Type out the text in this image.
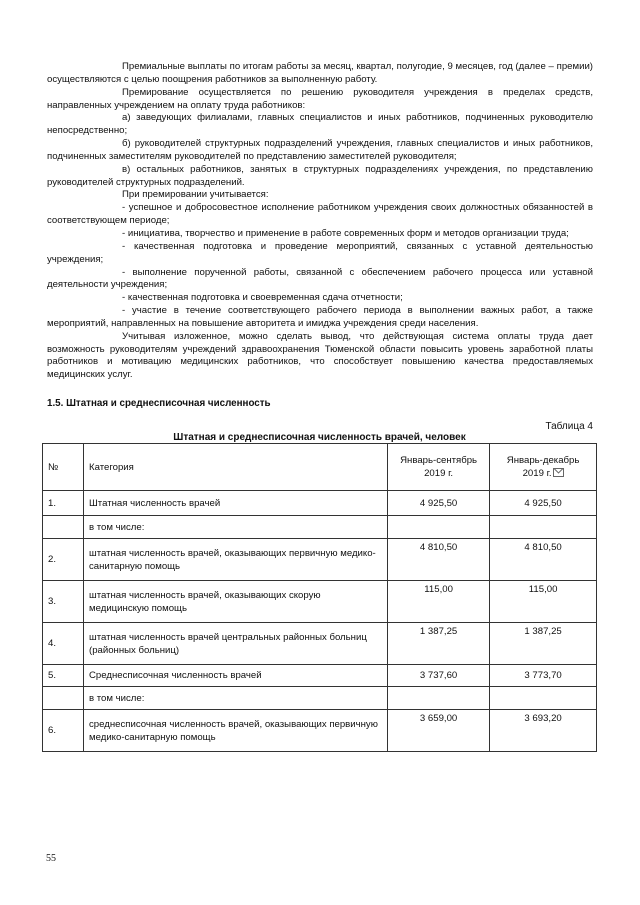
Премиальные выплаты по итогам работы за месяц, квартал, полугодие, 9 месяцев, год (далее – премии) осуществляются с целью поощрения работников за выполненную работу.

Премирование осуществляется по решению руководителя учреждения в пределах средств, направленных учреждением на оплату труда работников:

а) заведующих филиалами, главных специалистов и иных работников, подчиненных руководителю непосредственно;

б) руководителей структурных подразделений учреждения, главных специалистов и иных работников, подчиненных заместителям руководителей по представлению заместителей руководителя;

в) остальных работников, занятых в структурных подразделениях учреждения, по представлению руководителей структурных подразделений.

При премировании учитывается:

- успешное и добросовестное исполнение работником учреждения своих должностных обязанностей в соответствующем периоде;

- инициатива, творчество и применение в работе современных форм и методов организации труда;

- качественная подготовка и проведение мероприятий, связанных с уставной деятельностью учреждения;

- выполнение порученной работы, связанной с обеспечением рабочего процесса или уставной деятельности учреждения;

- качественная подготовка и своевременная сдача отчетности;

- участие в течение соответствующего рабочего периода в выполнении важных работ, а также мероприятий, направленных на повышение авторитета и имиджа учреждения среди населения.

Учитывая изложенное, можно сделать вывод, что действующая система оплаты труда дает возможность руководителям учреждений здравоохранения Тюменской области повысить уровень заработной платы работников и мотивацию медицинских работников, что способствует повышению качества предоставляемых медицинских услуг.

1.5. Штатная и среднесписочная численность
Таблица 4
Штатная и среднесписочная численность врачей, человек
№	Категория	Январь-сентябрь 2019 г.	Январь-декабрь 2019 г.
1.	Штатная численность врачей	4 925,50	4 925,50
	в том числе:		
2.	штатная численность врачей, оказывающих первичную медико-санитарную помощь	4 810,50	4 810,50
3.	штатная численность врачей, оказывающих скорую медицинскую помощь	115,00	115,00
4.	штатная численность врачей центральных районных больниц (районных больниц)	1 387,25	1 387,25
5.	Среднесписочная численность врачей	3 737,60	3 773,70
	в том числе:		
6.	среднесписочная численность врачей, оказывающих первичную медико-санитарную помощь	3 659,00	3 693,20
55
